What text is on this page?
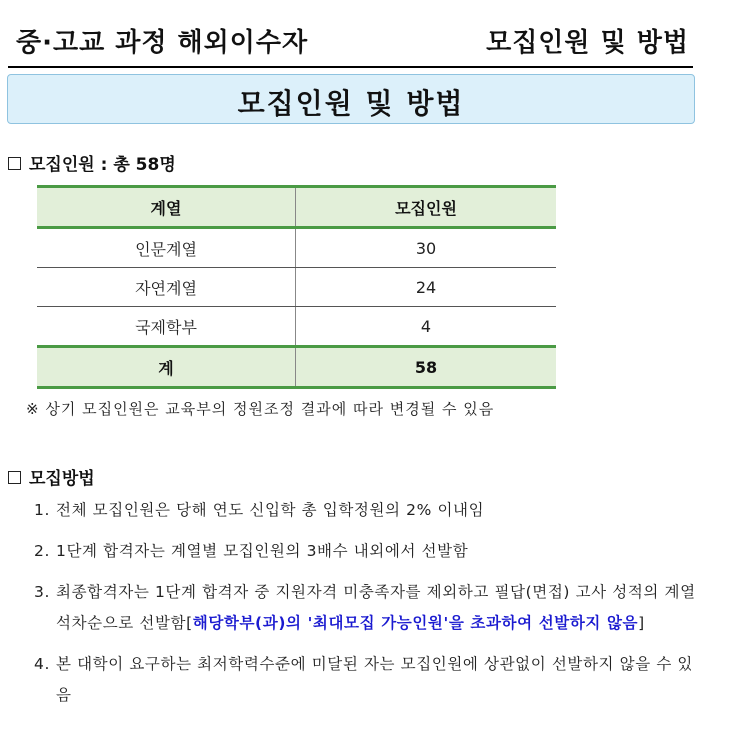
중·고교 과정 해외이수자	모집인원 및 방법
모집인원 및 방법
모집인원 : 총 58명
계열	모집인원
인문계열	30
자연계열	24
국제학부	4
계	58
※ 상기 모집인원은 교육부의 정원조정 결과에 따라 변경될 수 있음
모집방법
1. 전체 모집인원은 당해 연도 신입학 총 입학정원의 2% 이내임
2. 1단계 합격자는 계열별 모집인원의 3배수 내외에서 선발함
3. 최종합격자는 1단계 합격자 중 지원자격 미충족자를 제외하고 필답(면접) 고사 성적의 계열석차순으로 선발함[해당학부(과)의 '최대모집 가능인원'을 초과하여 선발하지 않음]
4. 본 대학이 요구하는 최저학력수준에 미달된 자는 모집인원에 상관없이 선발하지 않을 수 있음
